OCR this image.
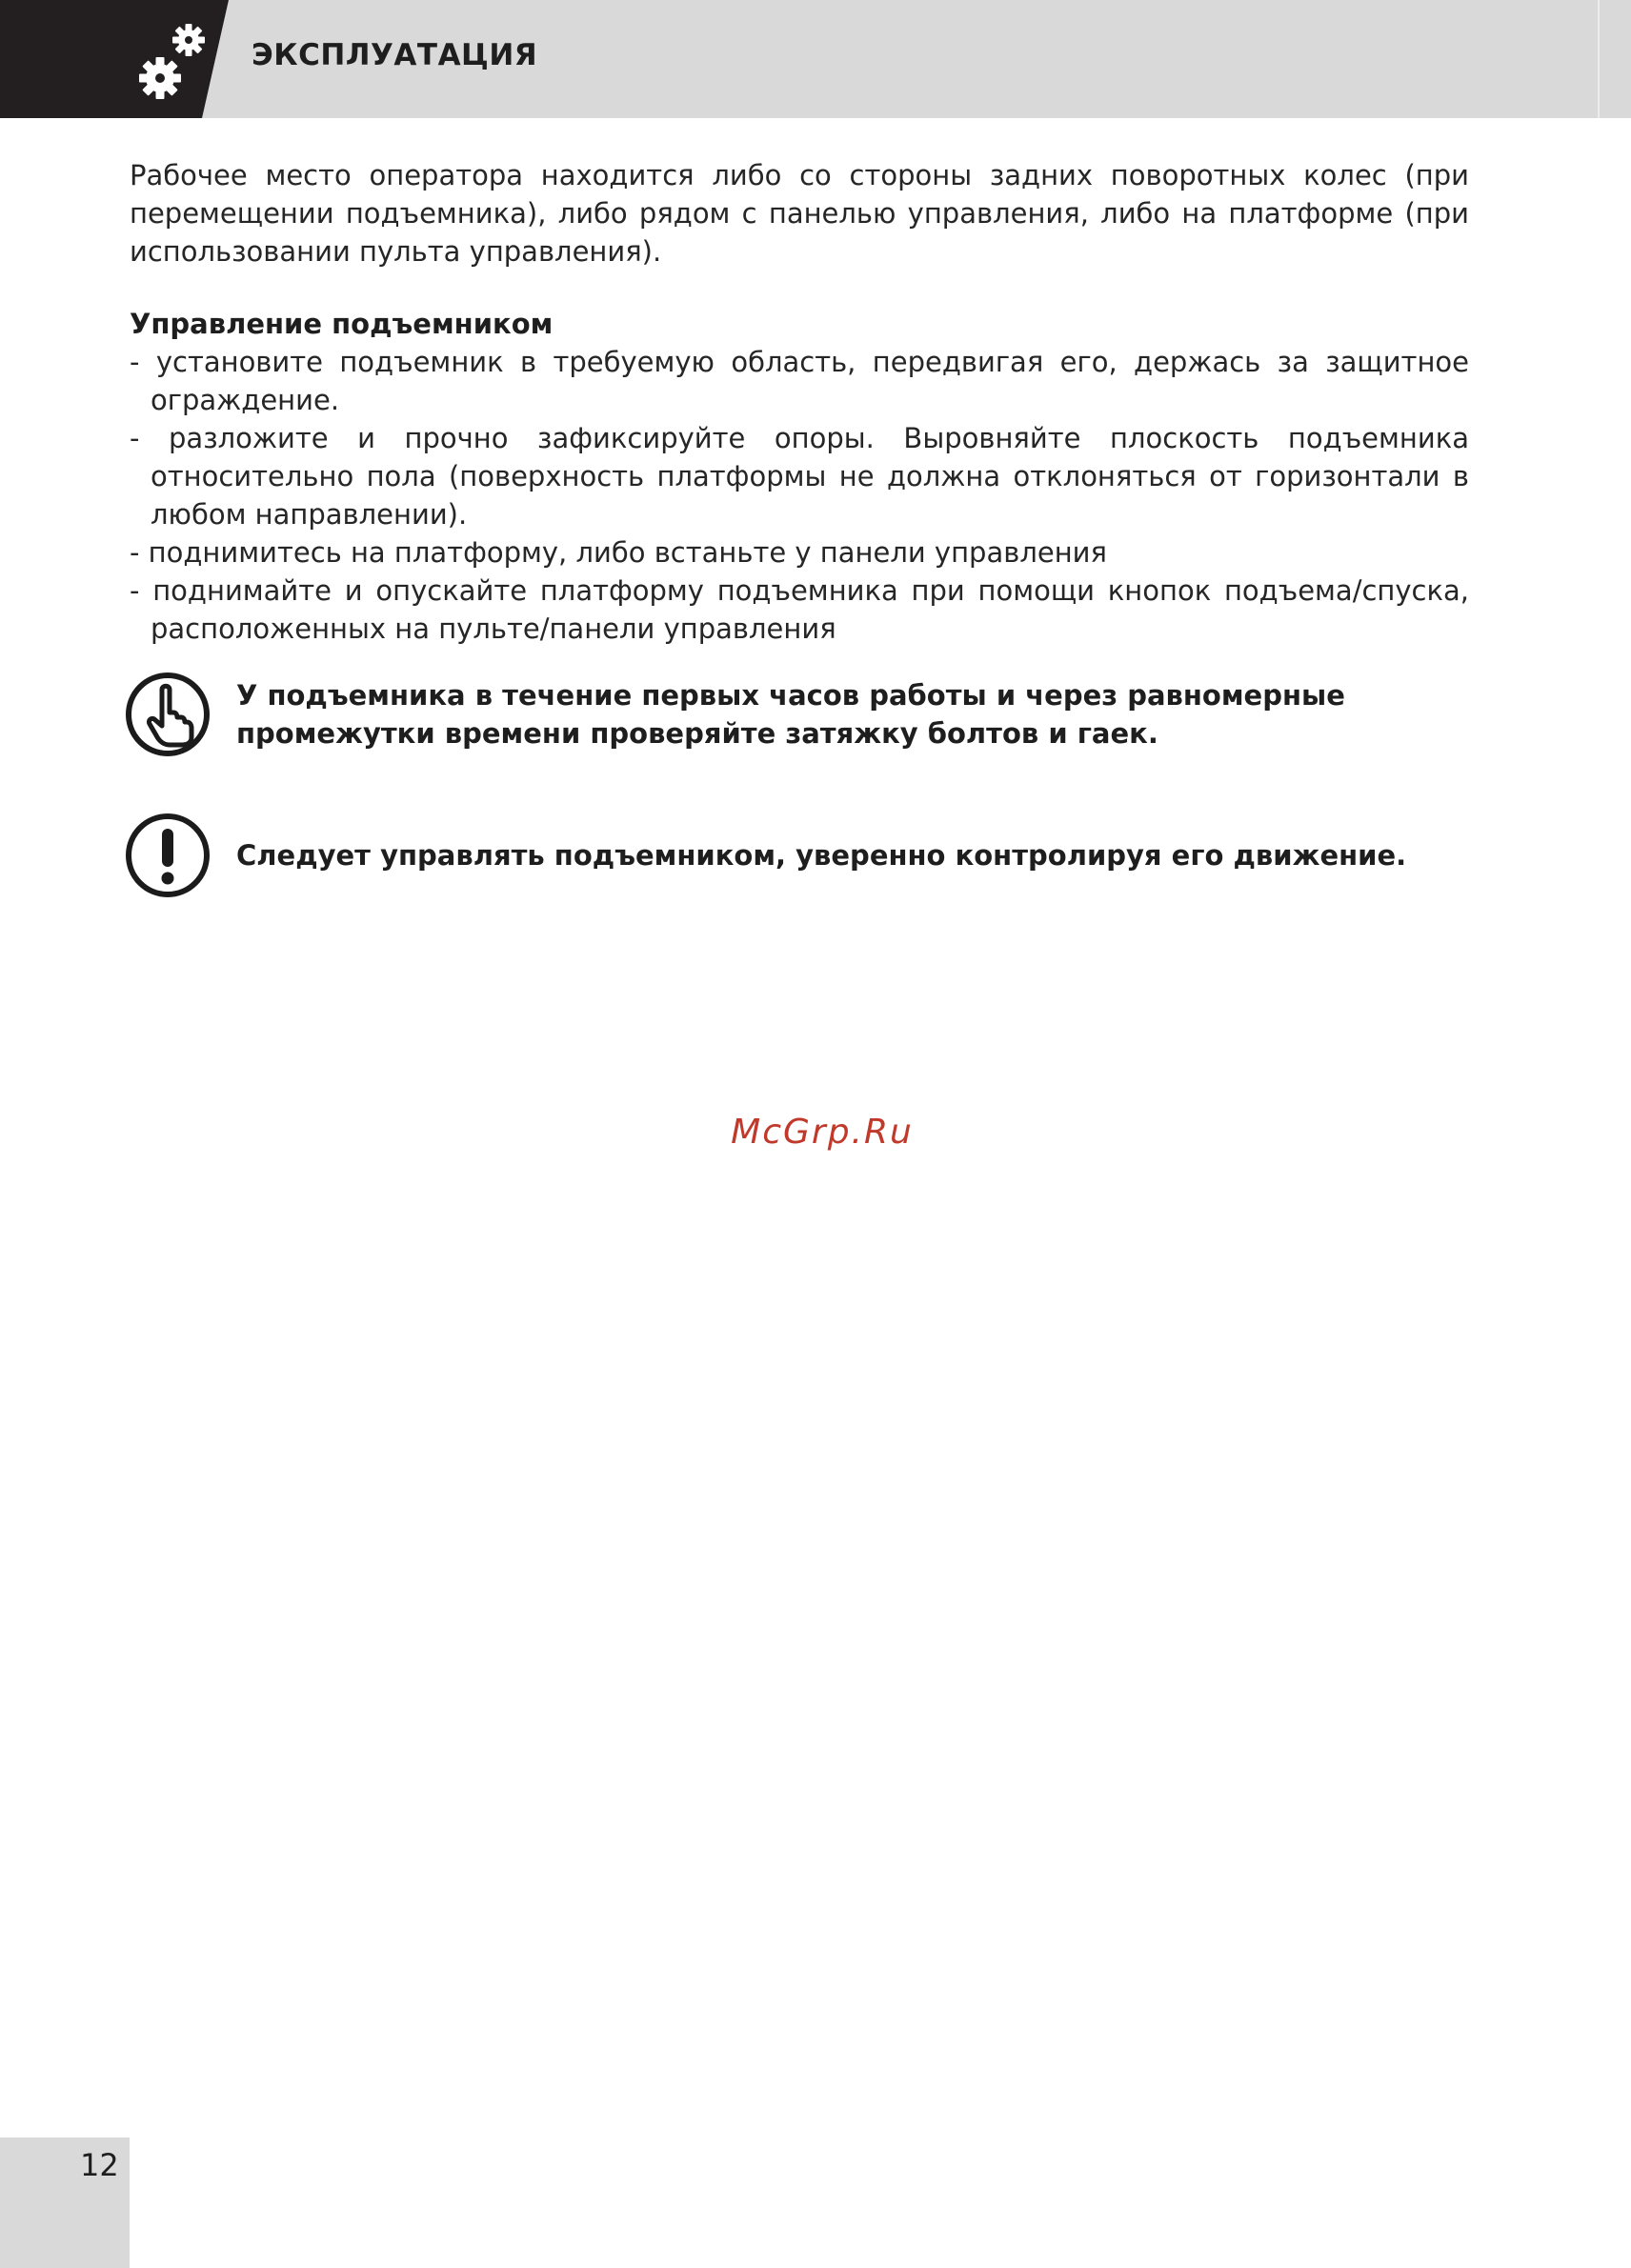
ЭКСПЛУАТАЦИЯ

Рабочее место оператора находится либо со стороны задних поворотных колес (при перемещении подъемника), либо рядом с панелью управления, либо на платформе (при использовании пульта управления).

Управление подъемником
- установите подъемник в требуемую область, передвигая его, держась за защитное ограждение.
- разложите и прочно зафиксируйте опоры. Выровняйте плоскость подъемника относительно пола (поверхность платформы не должна отклоняться от горизонтали в любом направлении).
- поднимитесь на платформу, либо встаньте у панели управления
- поднимайте и опускайте платформу подъемника при помощи кнопок подъема/спуска, расположенных на пульте/панели управления
У подъемника в течение первых часов работы и через равномерные промежутки времени проверяйте затяжку болтов и гаек.
Следует управлять подъемником, уверенно контролируя его движение.
McGrp.Ru
12
